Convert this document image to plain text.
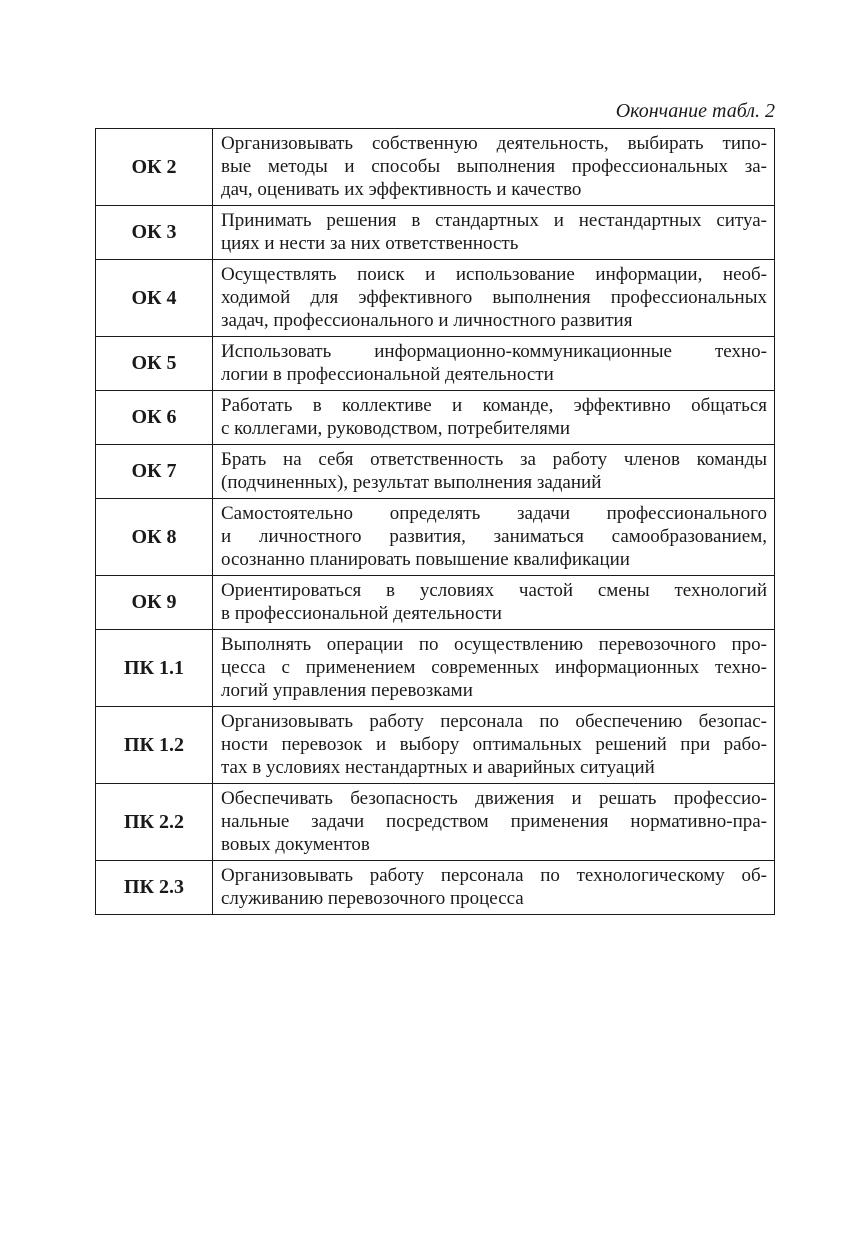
Окончание табл. 2
ОК 2	Организовывать собственную деятельность, выбирать типо-
вые методы и способы выполнения профессиональных за-
дач, оценивать их эффективность и качество

ОК 3	Принимать решения в стандартных и нестандартных ситуа-
циях и нести за них ответственность

ОК 4	Осуществлять поиск и использование информации, необ-
ходимой для эффективного выполнения профессиональных
задач, профессионального и личностного развития

ОК 5	Использовать информационно-коммуникационные техно-
логии в профессиональной деятельности

ОК 6	Работать в коллективе и команде, эффективно общаться
с коллегами, руководством, потребителями

ОК 7	Брать на себя ответственность за работу членов команды
(подчиненных), результат выполнения заданий

ОК 8	Самостоятельно определять задачи профессионального
и личностного развития, заниматься самообразованием,
осознанно планировать повышение квалификации

ОК 9	Ориентироваться в условиях частой смены технологий
в профессиональной деятельности

ПК 1.1	Выполнять операции по осуществлению перевозочного про-
цесса с применением современных информационных техно-
логий управления перевозками

ПК 1.2	Организовывать работу персонала по обеспечению безопас-
ности перевозок и выбору оптимальных решений при рабо-
тах в условиях нестандартных и аварийных ситуаций

ПК 2.2	Обеспечивать безопасность движения и решать профессио-
нальные задачи посредством применения нормативно-пра-
вовых документов

ПК 2.3	Организовывать работу персонала по технологическому об-
служиванию перевозочного процесса
